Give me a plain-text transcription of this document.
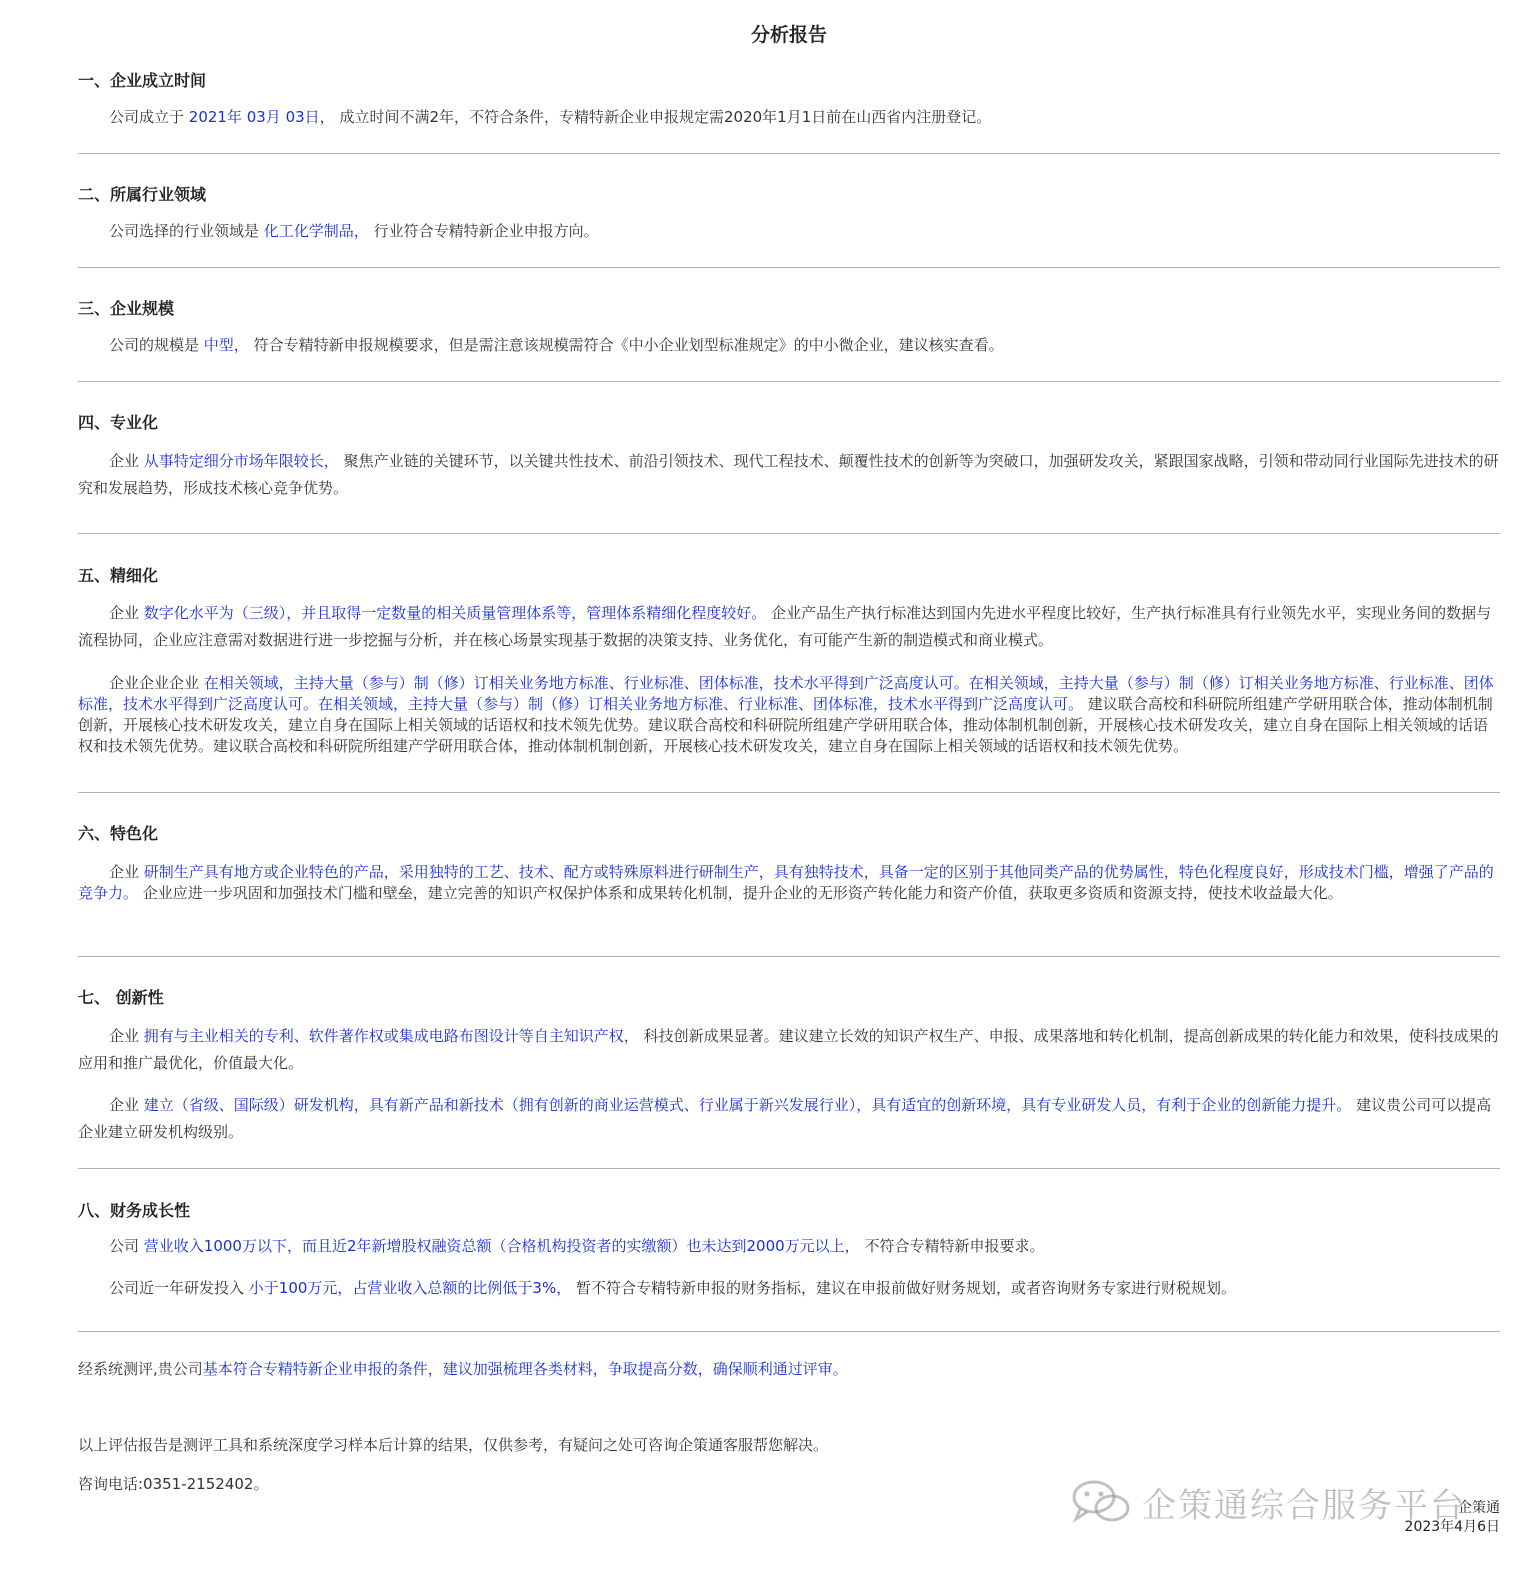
分析报告
一、企业成立时间

公司成立于 2021年 03月 03日， 成立时间不满2年，不符合条件，专精特新企业申报规定需2020年1月1日前在山西省内注册登记。

二、所属行业领域

公司选择的行业领域是 化工化学制品， 行业符合专精特新企业申报方向。

三、企业规模

公司的规模是 中型， 符合专精特新申报规模要求，但是需注意该规模需符合《中小企业划型标准规定》的中小微企业，建议核实查看。

四、专业化

企业 从事特定细分市场年限较长， 聚焦产业链的关键环节，以关键共性技术、前沿引领技术、现代工程技术、颠覆性技术的创新等为突破口，加强研发攻关，紧跟国家战略，引领和带动同行业国际先进技术的研究和发展趋势，形成技术核心竞争优势。

五、精细化

企业 数字化水平为（三级），并且取得一定数量的相关质量管理体系等，管理体系精细化程度较好。 企业产品生产执行标准达到国内先进水平程度比较好，生产执行标准具有行业领先水平，实现业务间的数据与流程协同，企业应注意需对数据进行进一步挖掘与分析，并在核心场景实现基于数据的决策支持、业务优化，有可能产生新的制造模式和商业模式。

企业企业企业 在相关领域，主持大量（参与）制（修）订相关业务地方标准、行业标准、团体标准，技术水平得到广泛高度认可。在相关领域，主持大量（参与）制（修）订相关业务地方标准、行业标准、团体标准，技术水平得到广泛高度认可。在相关领域，主持大量（参与）制（修）订相关业务地方标准、行业标准、团体标准，技术水平得到广泛高度认可。 建议联合高校和科研院所组建产学研用联合体，推动体制机制创新，开展核心技术研发攻关，建立自身在国际上相关领域的话语权和技术领先优势。建议联合高校和科研院所组建产学研用联合体，推动体制机制创新，开展核心技术研发攻关，建立自身在国际上相关领域的话语权和技术领先优势。建议联合高校和科研院所组建产学研用联合体，推动体制机制创新，开展核心技术研发攻关，建立自身在国际上相关领域的话语权和技术领先优势。

六、特色化

企业 研制生产具有地方或企业特色的产品，采用独特的工艺、技术、配方或特殊原料进行研制生产，具有独特技术，具备一定的区别于其他同类产品的优势属性，特色化程度良好，形成技术门槛，增强了产品的竞争力。 企业应进一步巩固和加强技术门槛和壁垒，建立完善的知识产权保护体系和成果转化机制，提升企业的无形资产转化能力和资产价值，获取更多资质和资源支持，使技术收益最大化。

七、 创新性

企业 拥有与主业相关的专利、软件著作权或集成电路布图设计等自主知识产权， 科技创新成果显著。建议建立长效的知识产权生产、申报、成果落地和转化机制，提高创新成果的转化能力和效果，使科技成果的应用和推广最优化，价值最大化。

企业 建立（省级、国际级）研发机构，具有新产品和新技术（拥有创新的商业运营模式、行业属于新兴发展行业），具有适宜的创新环境，具有专业研发人员，有利于企业的创新能力提升。 建议贵公司可以提高企业建立研发机构级别。

八、财务成长性

公司 营业收入1000万以下，而且近2年新增股权融资总额（合格机构投资者的实缴额）也未达到2000万元以上， 不符合专精特新申报要求。

公司近一年研发投入 小于100万元，占营业收入总额的比例低于3%， 暂不符合专精特新申报的财务指标，建议在申报前做好财务规划，或者咨询财务专家进行财税规划。

经系统测评,贵公司基本符合专精特新企业申报的条件，建议加强梳理各类材料，争取提高分数，确保顺利通过评审。

以上评估报告是测评工具和系统深度学习样本后计算的结果，仅供参考，有疑问之处可咨询企策通客服帮您解决。

咨询电话:0351-2152402。

企策通综合服务平台
企策通
2023年4月6日
